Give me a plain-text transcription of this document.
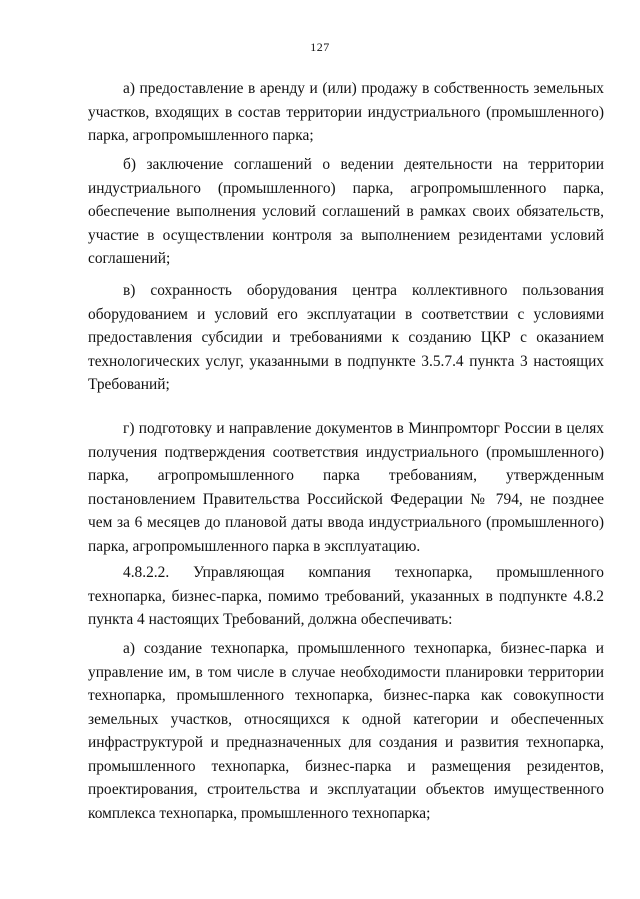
127

а) предоставление в аренду и (или) продажу в собственность земельных участков, входящих в состав территории индустриального (промышленного) парка, агропромышленного парка;

б) заключение соглашений о ведении деятельности на территории индустриального (промышленного) парка, агропромышленного парка, обеспечение выполнения условий соглашений в рамках своих обязательств, участие в осуществлении контроля за выполнением резидентами условий соглашений;

в) сохранность оборудования центра коллективного пользования оборудованием и условий его эксплуатации в соответствии с условиями предоставления субсидии и требованиями к созданию ЦКР с оказанием технологических услуг, указанными в подпункте 3.5.7.4 пункта 3 настоящих Требований;

г) подготовку и направление документов в Минпромторг России в целях получения подтверждения соответствия индустриального (промышленного) парка, агропромышленного парка требованиям, утвержденным постановлением Правительства Российской Федерации № 794, не позднее чем за 6 месяцев до плановой даты ввода индустриального (промышленного) парка, агропромышленного парка в эксплуатацию.

4.8.2.2. Управляющая компания технопарка, промышленного технопарка, бизнес-парка, помимо требований, указанных в подпункте 4.8.2 пункта 4 настоящих Требований, должна обеспечивать:

а) создание технопарка, промышленного технопарка, бизнес-парка и управление им, в том числе в случае необходимости планировки территории технопарка, промышленного технопарка, бизнес-парка как совокупности земельных участков, относящихся к одной категории и обеспеченных инфраструктурой и предназначенных для создания и развития технопарка, промышленного технопарка, бизнес-парка и размещения резидентов, проектирования, строительства и эксплуатации объектов имущественного комплекса технопарка, промышленного технопарка;
